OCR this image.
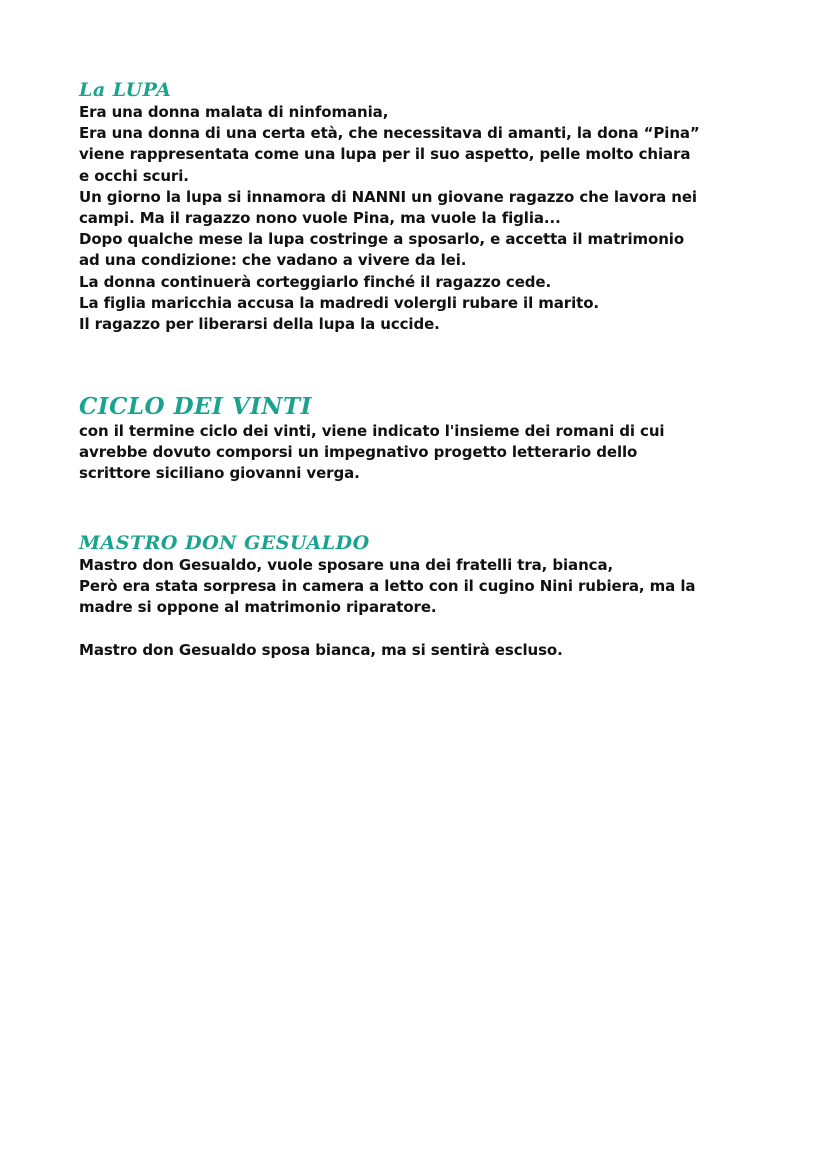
La LUPA
Era una donna malata di ninfomania,
Era una donna di una certa età, che necessitava di amanti, la dona “Pina”
viene rappresentata come una lupa per il suo aspetto, pelle molto chiara
e occhi scuri.
Un giorno la lupa si innamora di NANNI un giovane ragazzo che lavora nei
campi. Ma il ragazzo nono vuole Pina, ma vuole la figlia...
Dopo qualche mese la lupa costringe a sposarlo, e accetta il matrimonio
ad una condizione: che vadano a vivere da lei.
La donna continuerà corteggiarlo finché il ragazzo cede.
La figlia maricchia accusa la madredi volergli rubare il marito.
Il ragazzo per liberarsi della lupa la uccide.
CICLO DEI VINTI
con il termine ciclo dei vinti, viene indicato l'insieme dei romani di cui
avrebbe dovuto comporsi un impegnativo progetto letterario dello
scrittore siciliano giovanni verga.
MASTRO DON GESUALDO
Mastro don Gesualdo, vuole sposare una dei fratelli tra, bianca,
Però era stata sorpresa in camera a letto con il cugino Nini rubiera, ma la
madre si oppone al matrimonio riparatore.
Mastro don Gesualdo sposa bianca, ma si sentirà escluso.
